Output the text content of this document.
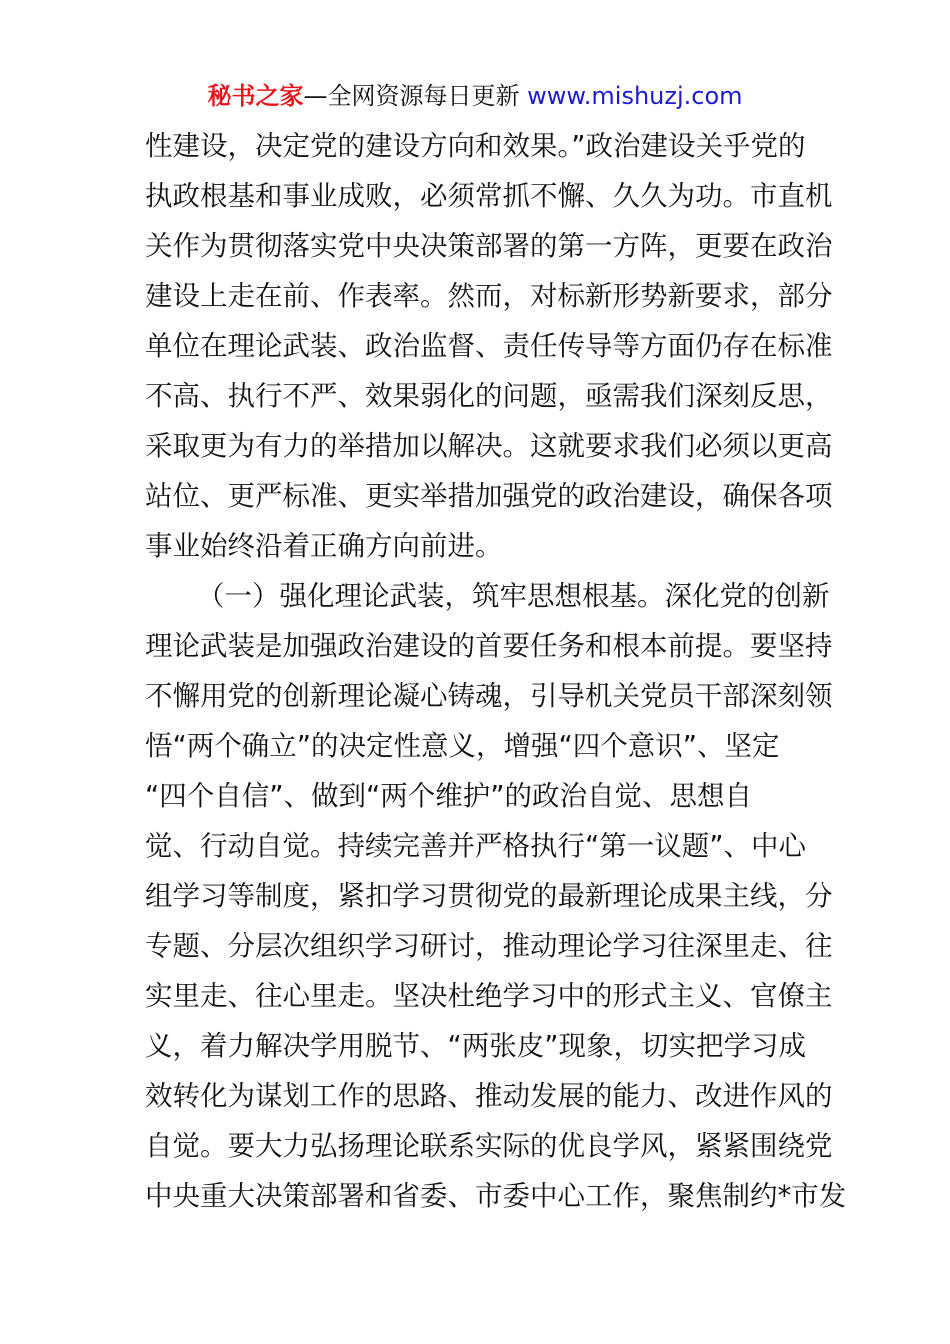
秘书之家—全网资源每日更新 www.mishuzj.com
性建设，决定党的建设方向和效果。”政治建设关乎党的
执政根基和事业成败，必须常抓不懈、久久为功。市直机
关作为贯彻落实党中央决策部署的第一方阵，更要在政治
建设上走在前、作表率。然而，对标新形势新要求，部分
单位在理论武装、政治监督、责任传导等方面仍存在标准
不高、执行不严、效果弱化的问题，亟需我们深刻反思，
采取更为有力的举措加以解决。这就要求我们必须以更高
站位、更严标准、更实举措加强党的政治建设，确保各项
事业始终沿着正确方向前进。
（一）强化理论武装，筑牢思想根基。深化党的创新
理论武装是加强政治建设的首要任务和根本前提。要坚持
不懈用党的创新理论凝心铸魂，引导机关党员干部深刻领
悟“两个确立”的决定性意义，增强“四个意识”、坚定
“四个自信”、做到“两个维护”的政治自觉、思想自
觉、行动自觉。持续完善并严格执行“第一议题”、中心
组学习等制度，紧扣学习贯彻党的最新理论成果主线，分
专题、分层次组织学习研讨，推动理论学习往深里走、往
实里走、往心里走。坚决杜绝学习中的形式主义、官僚主
义，着力解决学用脱节、“两张皮”现象，切实把学习成
效转化为谋划工作的思路、推动发展的能力、改进作风的
自觉。要大力弘扬理论联系实际的优良学风，紧紧围绕党
中央重大决策部署和省委、市委中心工作，聚焦制约*市发
